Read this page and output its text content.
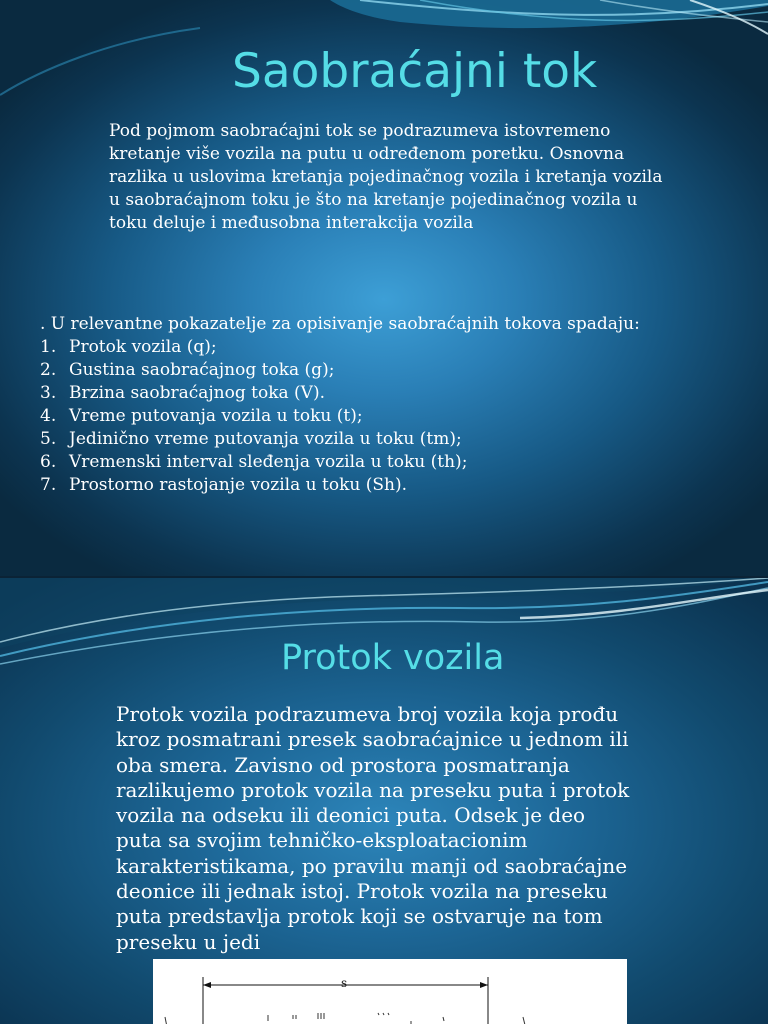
Saobraćajni tok
Pod pojmom saobraćajni tok se podrazumeva istovremeno kretanje više vozila na putu u određenom poretku. Osnovna razlika u uslovima kretanja pojedinačnog vozila i kretanja vozila u saobraćajnom toku je što na kretanje pojedinačnog vozila u toku deluje i međusobna interakcija vozila
. U relevantne pokazatelje za opisivanje saobraćajnih tokova spadaju:
1. Protok vozila (q);
2. Gustina saobraćajnog toka (g);
3. Brzina saobraćajnog toka (V).
4. Vreme putovanja vozila u toku (t);
5. Jedinično vreme putovanja vozila u toku (tm);
6. Vremenski interval sleđenja vozila u toku (th);
7. Prostorno rastojanje vozila u toku (Sh).
Protok vozila
Protok vozila podrazumeva broj vozila koja prođu kroz posmatrani presek saobraćajnice u jednom ili oba smera. Zavisno od prostora posmatranja razlikujemo protok vozila na preseku puta i protok vozila na odseku ili deonici puta. Odsek je deo puta sa svojim tehničko-eksploatacionim karakteristikama, po pravilu manji od saobraćajne deonice ili jednak istoj. Protok vozila na preseku puta predstavlja protok koji se ostvaruje na tom preseku u jedi
s
